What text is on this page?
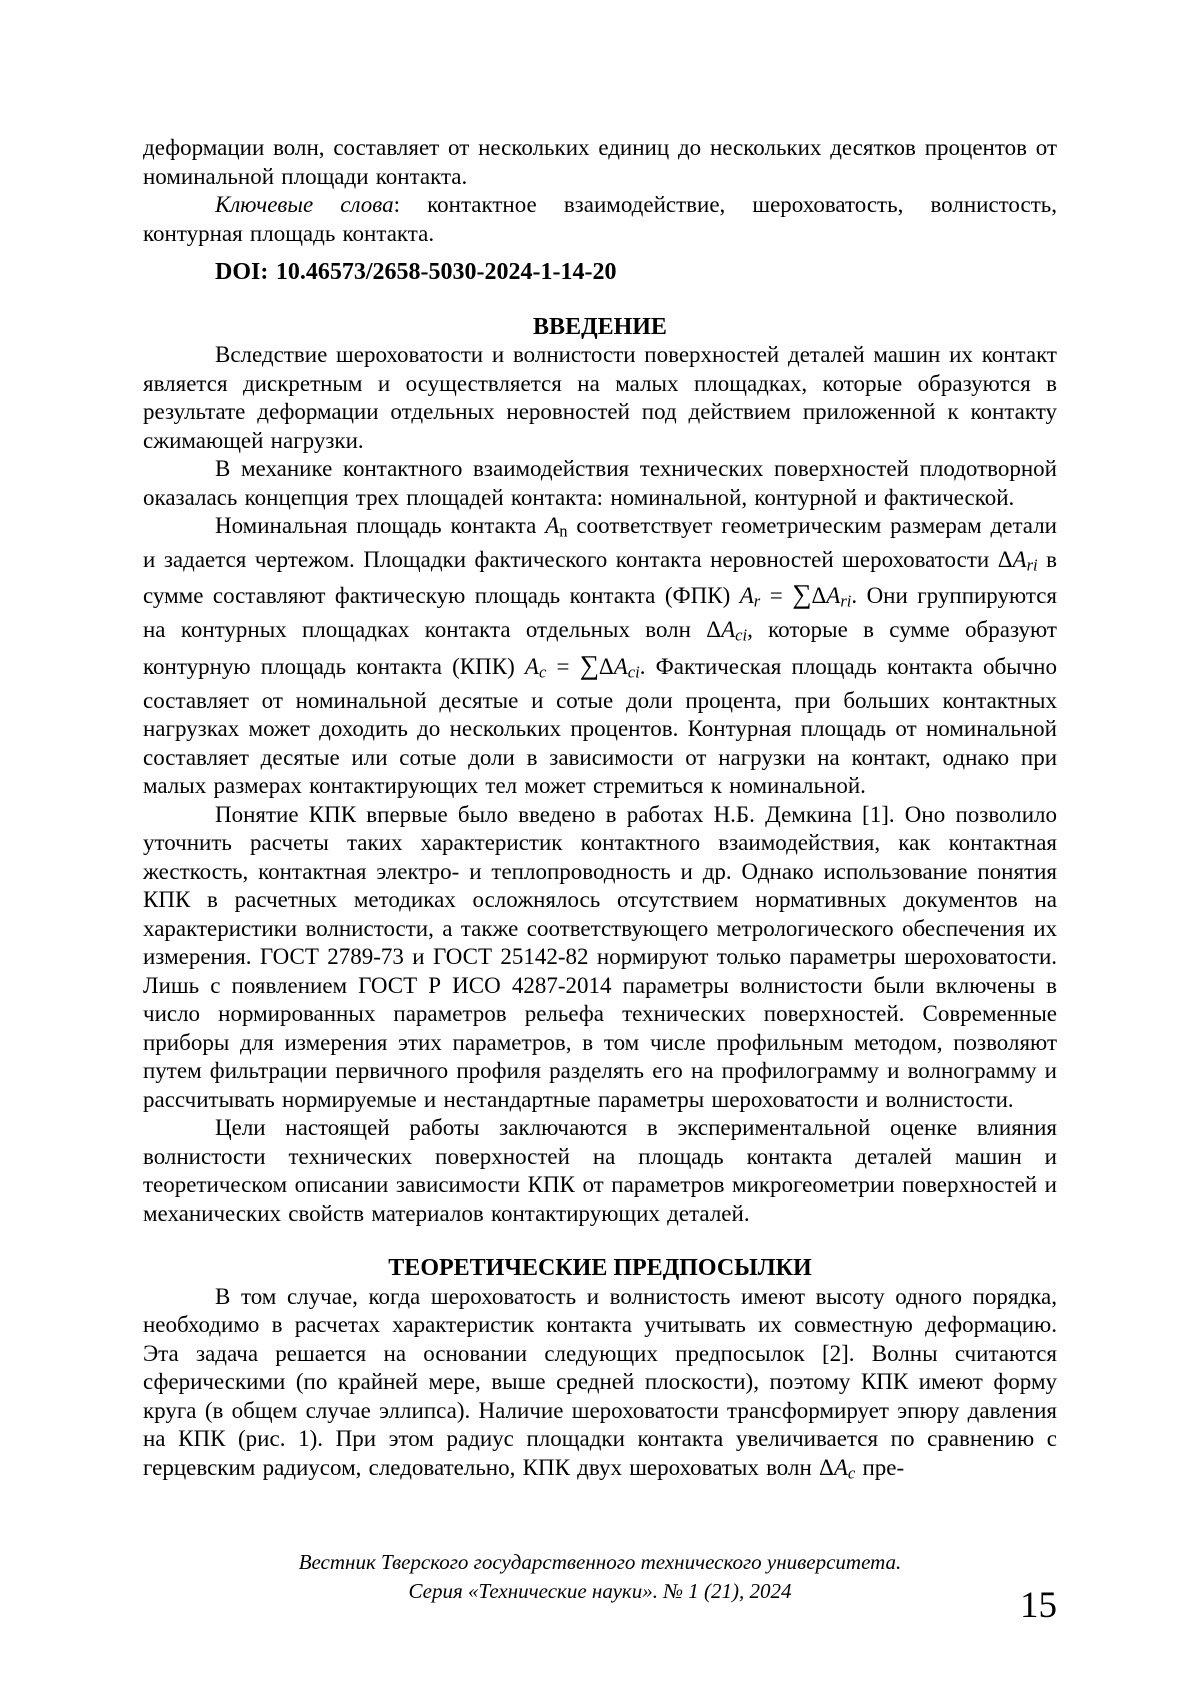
деформации волн, составляет от нескольких единиц до нескольких десятков процентов от номинальной площади контакта.

Ключевые слова: контактное взаимодействие, шероховатость, волнистость, контурная площадь контакта.

DOI: 10.46573/2658-5030-2024-1-14-20

ВВЕДЕНИЕ

Вследствие шероховатости и волнистости поверхностей деталей машин их контакт является дискретным и осуществляется на малых площадках, которые образуются в результате деформации отдельных неровностей под действием приложенной к контакту сжимающей нагрузки.

В механике контактного взаимодействия технических поверхностей плодотворной оказалась концепция трех площадей контакта: номинальной, контурной и фактической.

Номинальная площадь контакта An соответствует геометрическим размерам детали и задается чертежом. Площадки фактического контакта неровностей шероховатости ΔAri в сумме составляют фактическую площадь контакта (ФПК) Ar = ∑ΔAri. Они группируются на контурных площадках контакта отдельных волн ΔAci, которые в сумме образуют контурную площадь контакта (КПК) Ac = ∑ΔAci. Фактическая площадь контакта обычно составляет от номинальной десятые и сотые доли процента, при больших контактных нагрузках может доходить до нескольких процентов. Контурная площадь от номинальной составляет десятые или сотые доли в зависимости от нагрузки на контакт, однако при малых размерах контактирующих тел может стремиться к номинальной.

Понятие КПК впервые было введено в работах Н.Б. Демкина [1]. Оно позволило уточнить расчеты таких характеристик контактного взаимодействия, как контактная жесткость, контактная электро- и теплопроводность и др. Однако использование понятия КПК в расчетных методиках осложнялось отсутствием нормативных документов на характеристики волнистости, а также соответствующего метрологического обеспечения их измерения. ГОСТ 2789-73 и ГОСТ 25142-82 нормируют только параметры шероховатости. Лишь с появлением ГОСТ Р ИСО 4287-2014 параметры волнистости были включены в число нормированных параметров рельефа технических поверхностей. Современные приборы для измерения этих параметров, в том числе профильным методом, позволяют путем фильтрации первичного профиля разделять его на профилограмму и волнограмму и рассчитывать нормируемые и нестандартные параметры шероховатости и волнистости.

Цели настоящей работы заключаются в экспериментальной оценке влияния волнистости технических поверхностей на площадь контакта деталей машин и теоретическом описании зависимости КПК от параметров микрогеометрии поверхностей и механических свойств материалов контактирующих деталей.

ТЕОРЕТИЧЕСКИЕ ПРЕДПОСЫЛКИ

В том случае, когда шероховатость и волнистость имеют высоту одного порядка, необходимо в расчетах характеристик контакта учитывать их совместную деформацию. Эта задача решается на основании следующих предпосылок [2]. Волны считаются сферическими (по крайней мере, выше средней плоскости), поэтому КПК имеют форму круга (в общем случае эллипса). Наличие шероховатости трансформирует эпюру давления на КПК (рис. 1). При этом радиус площадки контакта увеличивается по сравнению с герцевским радиусом, следовательно, КПК двух шероховатых волн ΔAc пре-

Вестник Тверского государственного технического университета.
Серия «Технические науки». № 1 (21), 2024	15
